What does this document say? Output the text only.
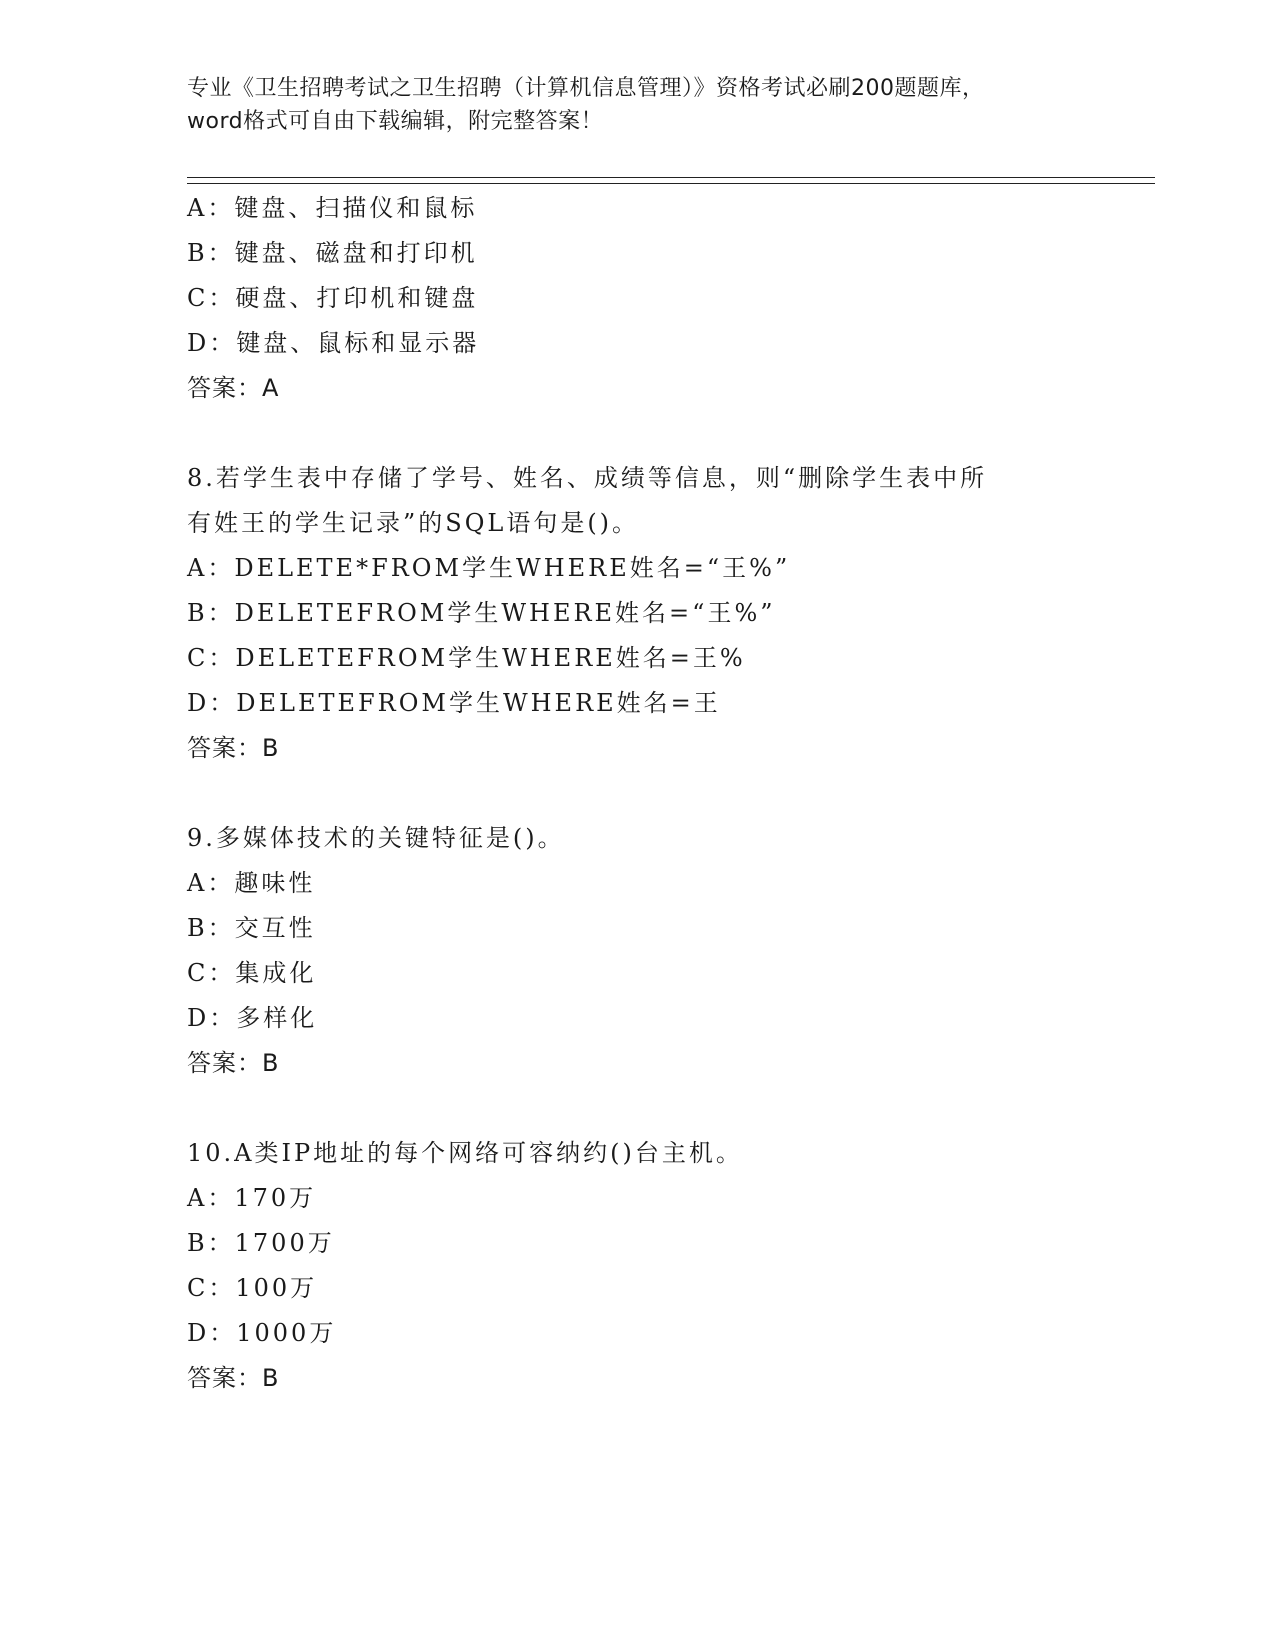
专业《卫生招聘考试之卫生招聘（计算机信息管理）》资格考试必刷200题题库，
word格式可自由下载编辑，附完整答案！
A：键盘、扫描仪和鼠标
B：键盘、磁盘和打印机
C：硬盘、打印机和键盘
D：键盘、鼠标和显示器
答案：A
8.若学生表中存储了学号、姓名、成绩等信息，则“删除学生表中所
有姓王的学生记录”的SQL语句是()。
A：DELETE*FROM学生WHERE姓名=“王%”
B：DELETEFROM学生WHERE姓名=“王%”
C：DELETEFROM学生WHERE姓名=王%
D：DELETEFROM学生WHERE姓名=王
答案：B
9.多媒体技术的关键特征是()。
A：趣味性
B：交互性
C：集成化
D：多样化
答案：B
10.A类IP地址的每个网络可容纳约()台主机。
A：170万
B：1700万
C：100万
D：1000万
答案：B
